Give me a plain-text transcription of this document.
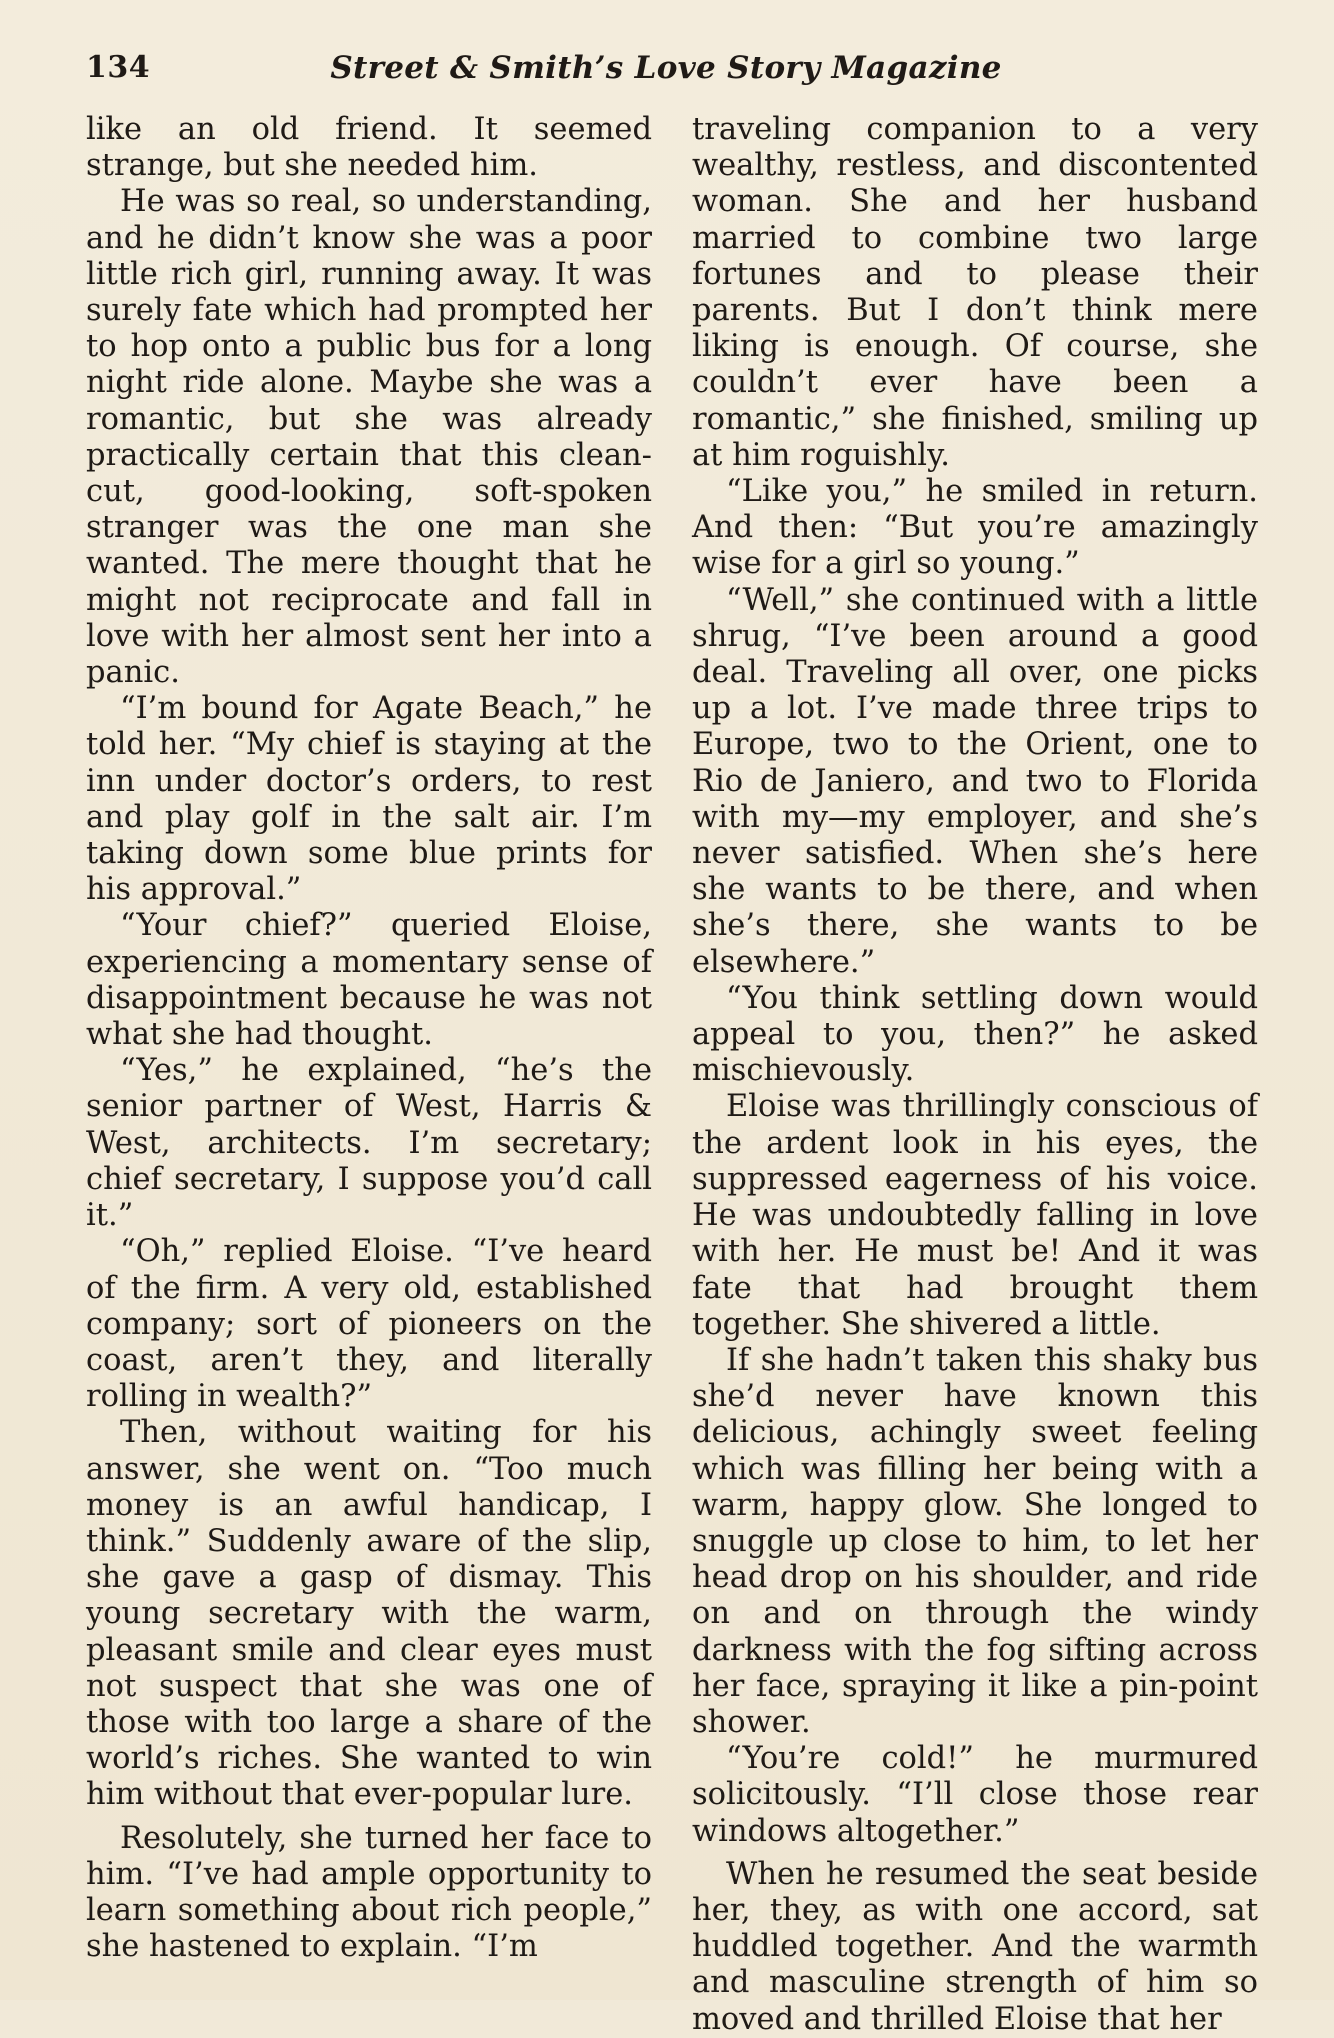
134	Street & Smith’s Love Story Magazine

like an old friend. It seemed strange, but she needed him.

He was so real, so understanding, and he didn’t know she was a poor little rich girl, running away. It was surely fate which had prompted her to hop onto a public bus for a long night ride alone. Maybe she was a romantic, but she was already practically certain that this clean-cut, good-looking, soft-spoken stranger was the one man she wanted. The mere thought that he might not reciprocate and fall in love with her almost sent her into a panic.

“I’m bound for Agate Beach,” he told her. “My chief is staying at the inn under doctor’s orders, to rest and play golf in the salt air. I’m taking down some blue prints for his approval.”

“Your chief?” queried Eloise, experiencing a momentary sense of disappointment because he was not what she had thought.

“Yes,” he explained, “he’s the senior partner of West, Harris & West, architects. I’m secretary; chief secretary, I suppose you’d call it.”

“Oh,” replied Eloise. “I’ve heard of the firm. A very old, established company; sort of pioneers on the coast, aren’t they, and literally rolling in wealth?”

Then, without waiting for his answer, she went on. “Too much money is an awful handicap, I think.” Suddenly aware of the slip, she gave a gasp of dismay. This young secretary with the warm, pleasant smile and clear eyes must not suspect that she was one of those with too large a share of the world’s riches. She wanted to win him without that ever-popular lure.

Resolutely, she turned her face to him. “I’ve had ample opportunity to learn something about rich people,” she hastened to explain. “I’m

traveling companion to a very wealthy, restless, and discontented woman. She and her husband married to combine two large fortunes and to please their parents. But I don’t think mere liking is enough. Of course, she couldn’t ever have been a romantic,” she finished, smiling up at him roguishly.

“Like you,” he smiled in return. And then: “But you’re amazingly wise for a girl so young.”

“Well,” she continued with a little shrug, “I’ve been around a good deal. Traveling all over, one picks up a lot. I’ve made three trips to Europe, two to the Orient, one to Rio de Janiero, and two to Florida with my—my employer, and she’s never satisfied. When she’s here she wants to be there, and when she’s there, she wants to be elsewhere.”

“You think settling down would appeal to you, then?” he asked mischievously.

Eloise was thrillingly conscious of the ardent look in his eyes, the suppressed eagerness of his voice. He was undoubtedly falling in love with her. He must be! And it was fate that had brought them together. She shivered a little.

If she hadn’t taken this shaky bus she’d never have known this delicious, achingly sweet feeling which was filling her being with a warm, happy glow. She longed to snuggle up close to him, to let her head drop on his shoulder, and ride on and on through the windy darkness with the fog sifting across her face, spraying it like a pin-point shower.

“You’re cold!” he murmured solicitously. “I’ll close those rear windows altogether.”

When he resumed the seat beside her, they, as with one accord, sat huddled together. And the warmth and masculine strength of him so moved and thrilled Eloise that her
